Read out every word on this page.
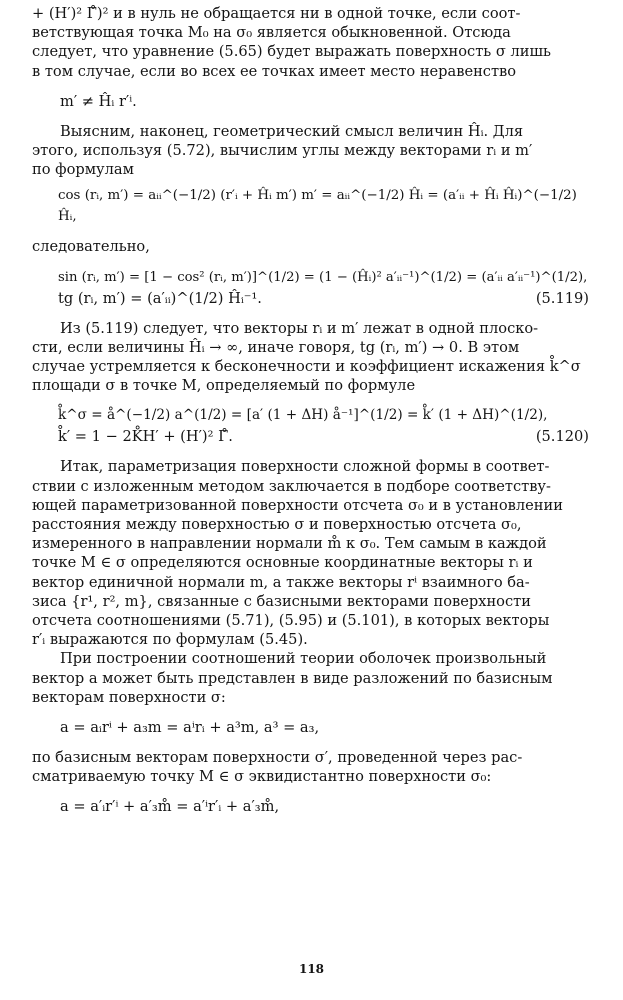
+ (H′)² Γ̊)² и в нуль не обращается ни в одной точке, если соот-

ветствующая точка M₀ на σ₀ является обыкновенной. Отсюда

следует, что уравнение (5.65) будет выражать поверхность σ лишь

в том случае, если во всех ее точках имеет место неравенство

m′ ≠ Ĥᵢ r′ⁱ.

Выясним, наконец, геометрический смысл величин Ĥᵢ. Для

этого, используя (5.72), вычислим углы между векторами rᵢ и m′

по формулам

cos (rᵢ, m′) = aᵢᵢ^(−1/2) (r′ᵢ + Ĥᵢ m′) m′ = aᵢᵢ^(−1/2) Ĥᵢ = (a′ᵢᵢ + Ĥᵢ Ĥᵢ)^(−1/2) Ĥᵢ,

следовательно,

sin (rᵢ, m′) = [1 − cos² (rᵢ, m′)]^(1/2) = (1 − (Ĥᵢ)² a′ᵢᵢ⁻¹)^(1/2) = (a′ᵢᵢ a′ᵢᵢ⁻¹)^(1/2),
tg (rᵢ, m′) = (a′ᵢᵢ)^(1/2) Ĥᵢ⁻¹.	(5.119)

Из (5.119) следует, что векторы rᵢ и m′ лежат в одной плоско-

сти, если величины Ĥᵢ → ∞, иначе говоря, tg (rᵢ, m′) → 0. В этом

случае устремляется к бесконечности и коэффициент искажения k̊^σ

площади σ в точке M, определяемый по формуле

k̊^σ = å^(−1/2) a^(1/2) = [a′ (1 + ΔH) å⁻¹]^(1/2) = k̊′ (1 + ΔH)^(1/2),
k̊′ = 1 − 2K̊H′ + (H′)² Γ̊.	(5.120)

Итак, параметризация поверхности сложной формы в соответ-

ствии с изложенным методом заключается в подборе соответству-

ющей параметризованной поверхности отсчета σ₀ и в установлении

расстояния между поверхностью σ и поверхностью отсчета σ₀,

измеренного в направлении нормали m̊ к σ₀. Тем самым в каждой

точке M ∈ σ определяются основные координатные векторы rᵢ и

вектор единичной нормали m, а также векторы rⁱ взаимного ба-

зиса {r¹, r², m}, связанные с базисными векторами поверхности

отсчета соотношениями (5.71), (5.95) и (5.101), в которых векторы

r′ᵢ выражаются по формулам (5.45).

При построении соотношений теории оболочек произвольный

вектор a может быть представлен в виде разложений по базисным

векторам поверхности σ:

a = aᵢrⁱ + a₃m = aⁱrᵢ + a³m, a³ = a₃,

по базисным векторам поверхности σ′, проведенной через рас-

сматриваемую точку M ∈ σ эквидистантно поверхности σ₀:

a = a′ᵢr′ⁱ + a′₃m̊ = a′ⁱr′ᵢ + a′₃m̊,
118
